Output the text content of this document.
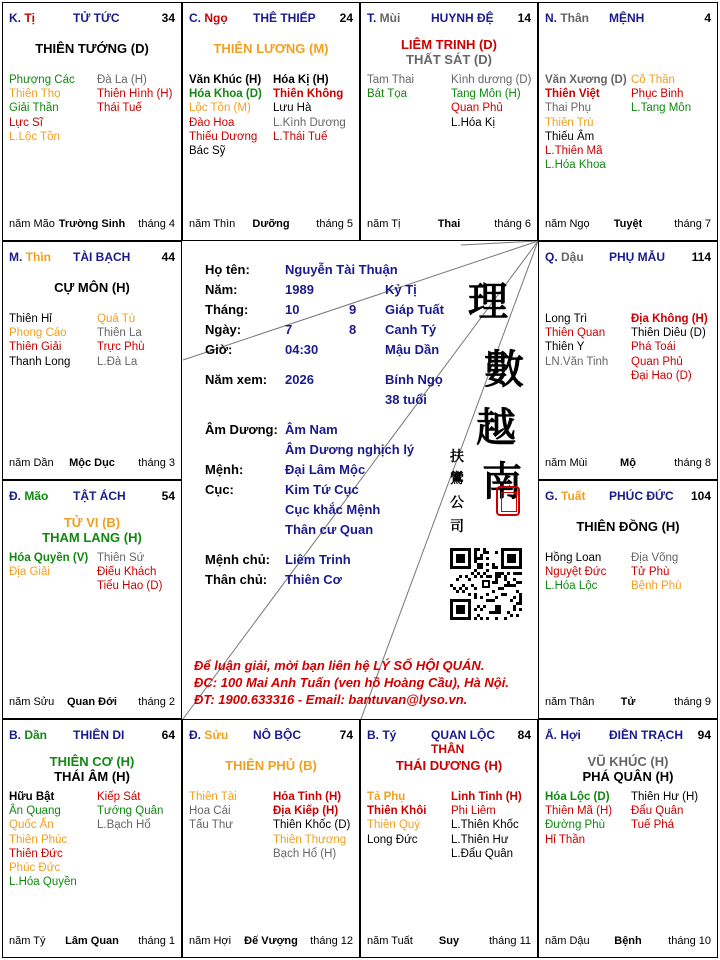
Họ tên:	Nguyễn Tài Thuận
Năm:	1989	Kỷ Tị
Tháng:	10	9 Giáp Tuất
Ngày:	7	8 Canh Tý
Giờ:	04:30	Mậu Dần
Năm xem: 2026	Bính Ngọ
38 tuổi
Âm Dương: Âm Nam
Âm Dương nghịch lý
Mệnh:	Đại Lâm Mộc
Cục:	Kim Tứ Cục
Cục khắc Mệnh
Thân cư Quan
Mệnh chủ: Liêm Trinh
Thân chủ: Thiên Cơ
理
數
越
南
扶
鸞
公
司
Để luận giải, mời bạn liên hệ LÝ SỐ HỘI QUÁN.
ĐC: 100 Mai Anh Tuấn (ven hồ Hoàng Cầu), Hà Nội.
ĐT: 1900.633316 - Email: bantuvan@lyso.vn.
K. Tị	TỬ TỨC	34
THIÊN TƯỚNG (D)
Phượng Các
Thiên Thọ
Giải Thần
Lực Sĩ
L.Lộc Tồn
Đà La (H)
Thiên Hình (H)
Thái Tuế
năm Mão Trường Sinh	tháng 4
C. Ngọ THÊ THIẾP 24
THIÊN LƯƠNG (M)
Văn Khúc (H)
Hóa Khoa (D)
Lộc Tồn (M)
Đào Hoa
Thiếu Dương
Bác Sỹ
Hóa Kị (H)
Thiên Không
Lưu Hà
L.Kình Dương
L.Thái Tuế
năm Thìn	Dưỡng	tháng 5
T. Mùi	HUYNH ĐỆ 14
LIÊM TRINH (D)
THẤT SÁT (D)
Tam Thai
Bát Tọa
Kình dương (D)
Tang Môn (H)
Quan Phủ
L.Hóa Kị
năm Tị	Thai	tháng 6
N. Thân MỆNH	4
Văn Xương (D)
Thiên Việt
Thai Phụ
Thiên Trù
Thiếu Âm
L.Thiên Mã
L.Hóa Khoa
Cô Thần
Phục Binh
L.Tang Môn
năm Ngọ	Tuyệt	tháng 7
M. Thìn TÀI BẠCH	44
CỰ MÔN (H)
Thiên Hỉ
Phong Cáo
Thiên Giải
Thanh Long
Quả Tú
Thiên La
Trực Phù
L.Đà La
năm Dần	Mộc Dục	tháng 3
Q. Dậu PHỤ MẪU 114
Long Trì
Thiên Quan
Thiên Y
LN.Văn Tinh
Địa Không (H)
Thiên Diêu (D)
Phá Toái
Quan Phủ
Đại Hao (D)
năm Mùi	Mộ	tháng 8
Đ. Mão TẬT ÁCH	54
TỬ VI (B)
THAM LANG (H)
Hóa Quyền (V)
Địa Giải
Thiên Sứ
Điếu Khách
Tiểu Hao (D)
năm Sửu	Quan Đới	tháng 2
G. Tuất PHÚC ĐỨC 104
THIÊN ĐỒNG (H)
Hồng Loan
Nguyệt Đức
L.Hóa Lộc
Địa Võng
Tử Phù
Bệnh Phù
năm Thân	Tử	tháng 9
B. Dần THIÊN DI	64
THIÊN CƠ (H)
THÁI ÂM (H)
Hữu Bật
Ân Quang
Quốc Ấn
Thiên Phúc
Thiên Đức
Phúc Đức
L.Hóa Quyền
Kiếp Sát
Tướng Quân
L.Bạch Hổ
năm Tý	Lâm Quan	tháng 1
Đ. Sửu NÔ BỘC	74
THIÊN PHỦ (B)
Thiên Tài
Hoa Cái
Tấu Thư
Hỏa Tinh (H)
Địa Kiếp (H)
Thiên Khốc (D)
Thiên Thương
Bạch Hổ (H)
năm Hợi	Đế Vượng	tháng 12
B. Tý	QUAN LỘC THÂN
84
THÁI DƯƠNG (H)
Tả Phụ
Thiên Khôi
Thiên Quý
Long Đức
Linh Tinh (H)
Phi Liêm
L.Thiên Khốc
L.Thiên Hư
L.Đẩu Quân
năm Tuất	Suy	tháng 11
Ấ. Hợi ĐIỀN TRẠCH 94
VŨ KHÚC (H)
PHÁ QUÂN (H)
Hóa Lộc (D)
Thiên Mã (H)
Đường Phù
Hỉ Thần
Thiên Hư (H)
Đẩu Quân
Tuế Phá
năm Dậu	Bệnh	tháng 10
